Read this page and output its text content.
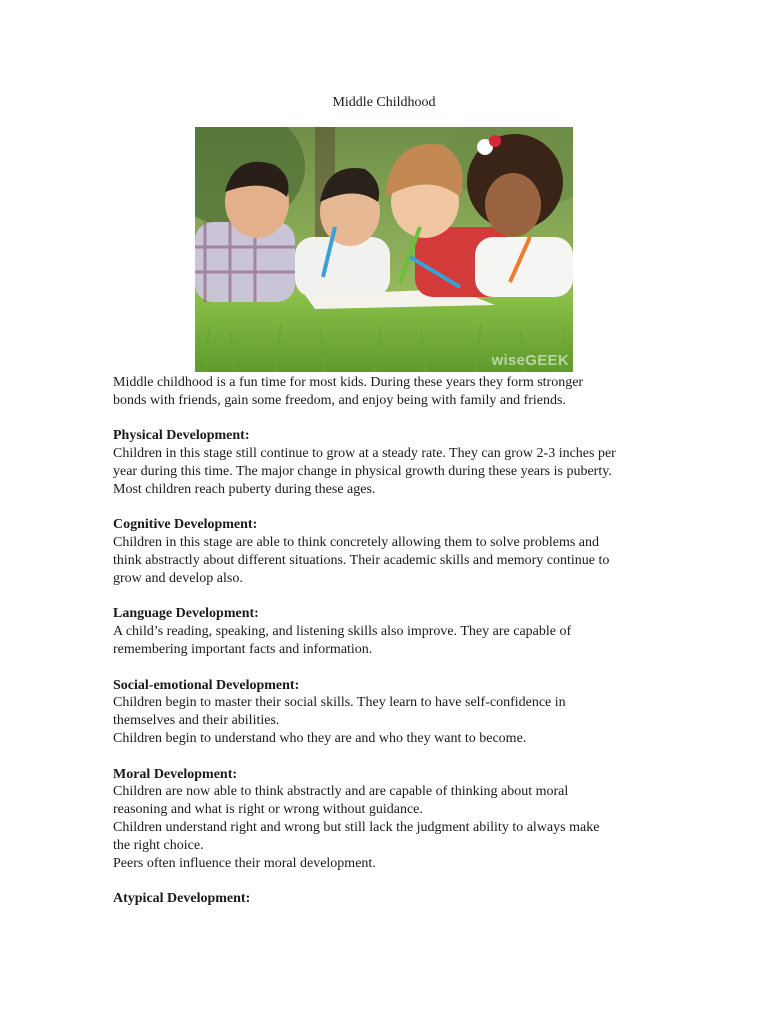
Middle Childhood
wiseGEEK
Middle childhood is a fun time for most kids. During these years they form stronger
bonds with friends, gain some freedom, and enjoy being with family and friends.
Physical Development:
Children in this stage still continue to grow at a steady rate. They can grow 2-3 inches per
year during this time. The major change in physical growth during these years is puberty.
Most children reach puberty during these ages.
Cognitive Development:
Children in this stage are able to think concretely allowing them to solve problems and
think abstractly about different situations. Their academic skills and memory continue to
grow and develop also.
Language Development:
A child’s reading, speaking, and listening skills also improve. They are capable of
remembering important facts and information.
Social-emotional Development:
Children begin to master their social skills. They learn to have self-confidence in
themselves and their abilities.
Children begin to understand who they are and who they want to become.
Moral Development:
Children are now able to think abstractly and are capable of thinking about moral
reasoning and what is right or wrong without guidance.
Children understand right and wrong but still lack the judgment ability to always make
the right choice.
Peers often influence their moral development.
Atypical Development:
